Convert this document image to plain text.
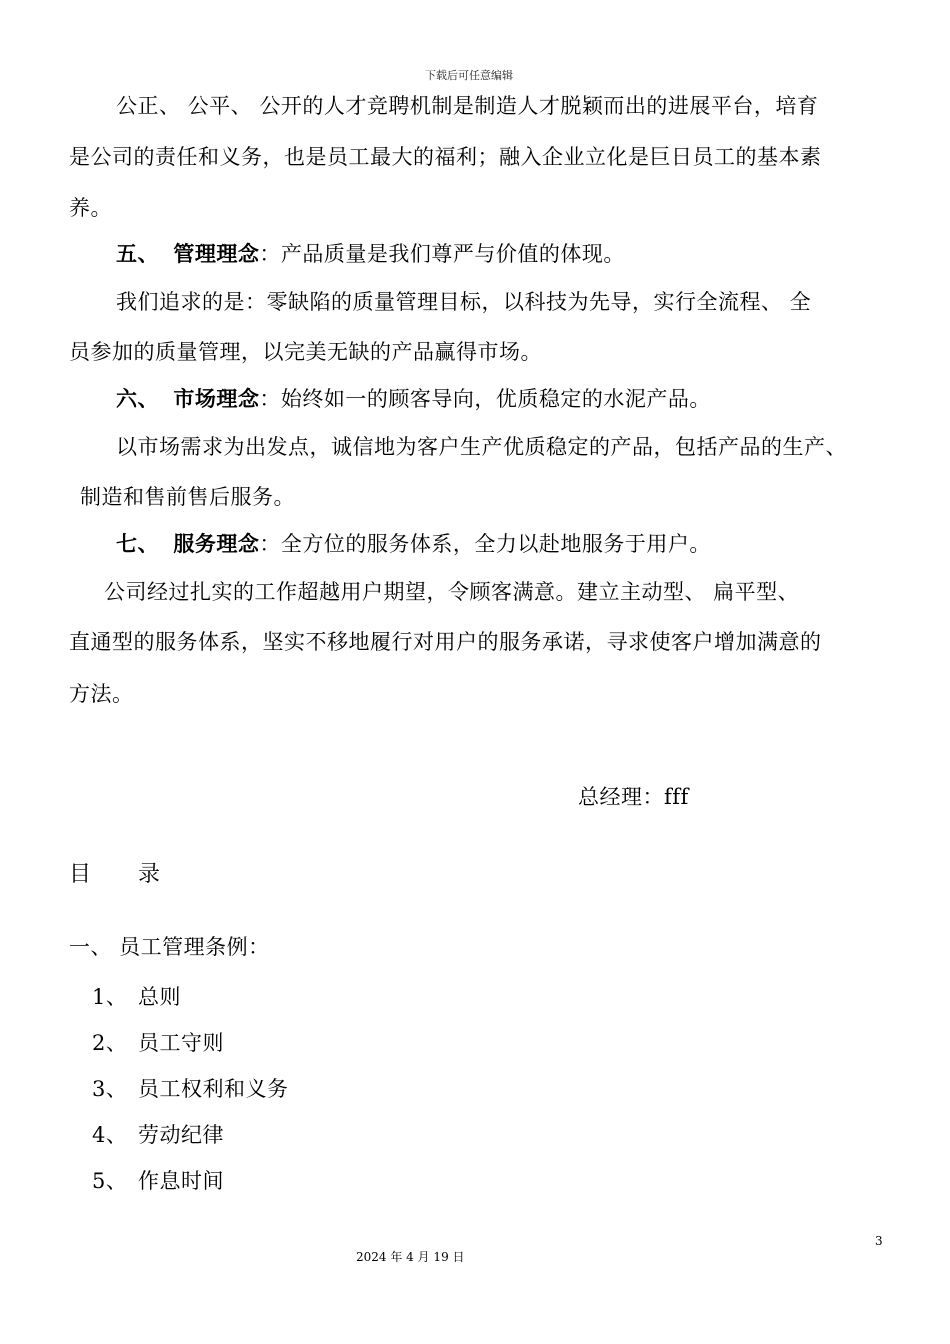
下载后可任意编辑
公正、 公平、 公开的人才竞聘机制是制造人才脱颖而出的进展平台，培育
是公司的责任和义务，也是员工最大的福利；融入企业立化是巨日员工的基本素
养。
五、 管理理念：产品质量是我们尊严与价值的体现。
我们追求的是：零缺陷的质量管理目标，以科技为先导，实行全流程、 全
员参加的质量管理，以完美无缺的产品赢得市场。
六、 市场理念：始终如一的顾客导向，优质稳定的水泥产品。
以市场需求为出发点，诚信地为客户生产优质稳定的产品，包括产品的生产、
制造和售前售后服务。
七、 服务理念：全方位的服务体系，全力以赴地服务于用户。
公司经过扎实的工作超越用户期望，令顾客满意。建立主动型、 扁平型、
直通型的服务体系，坚实不移地履行对用户的服务承诺，寻求使客户增加满意的
方法。
总经理：fff
目 录
一、 员工管理条例：
1、 总则
2、 员工守则
3、 员工权利和义务
4、 劳动纪律
5、 作息时间
3
2024 年 4 月 19 日
